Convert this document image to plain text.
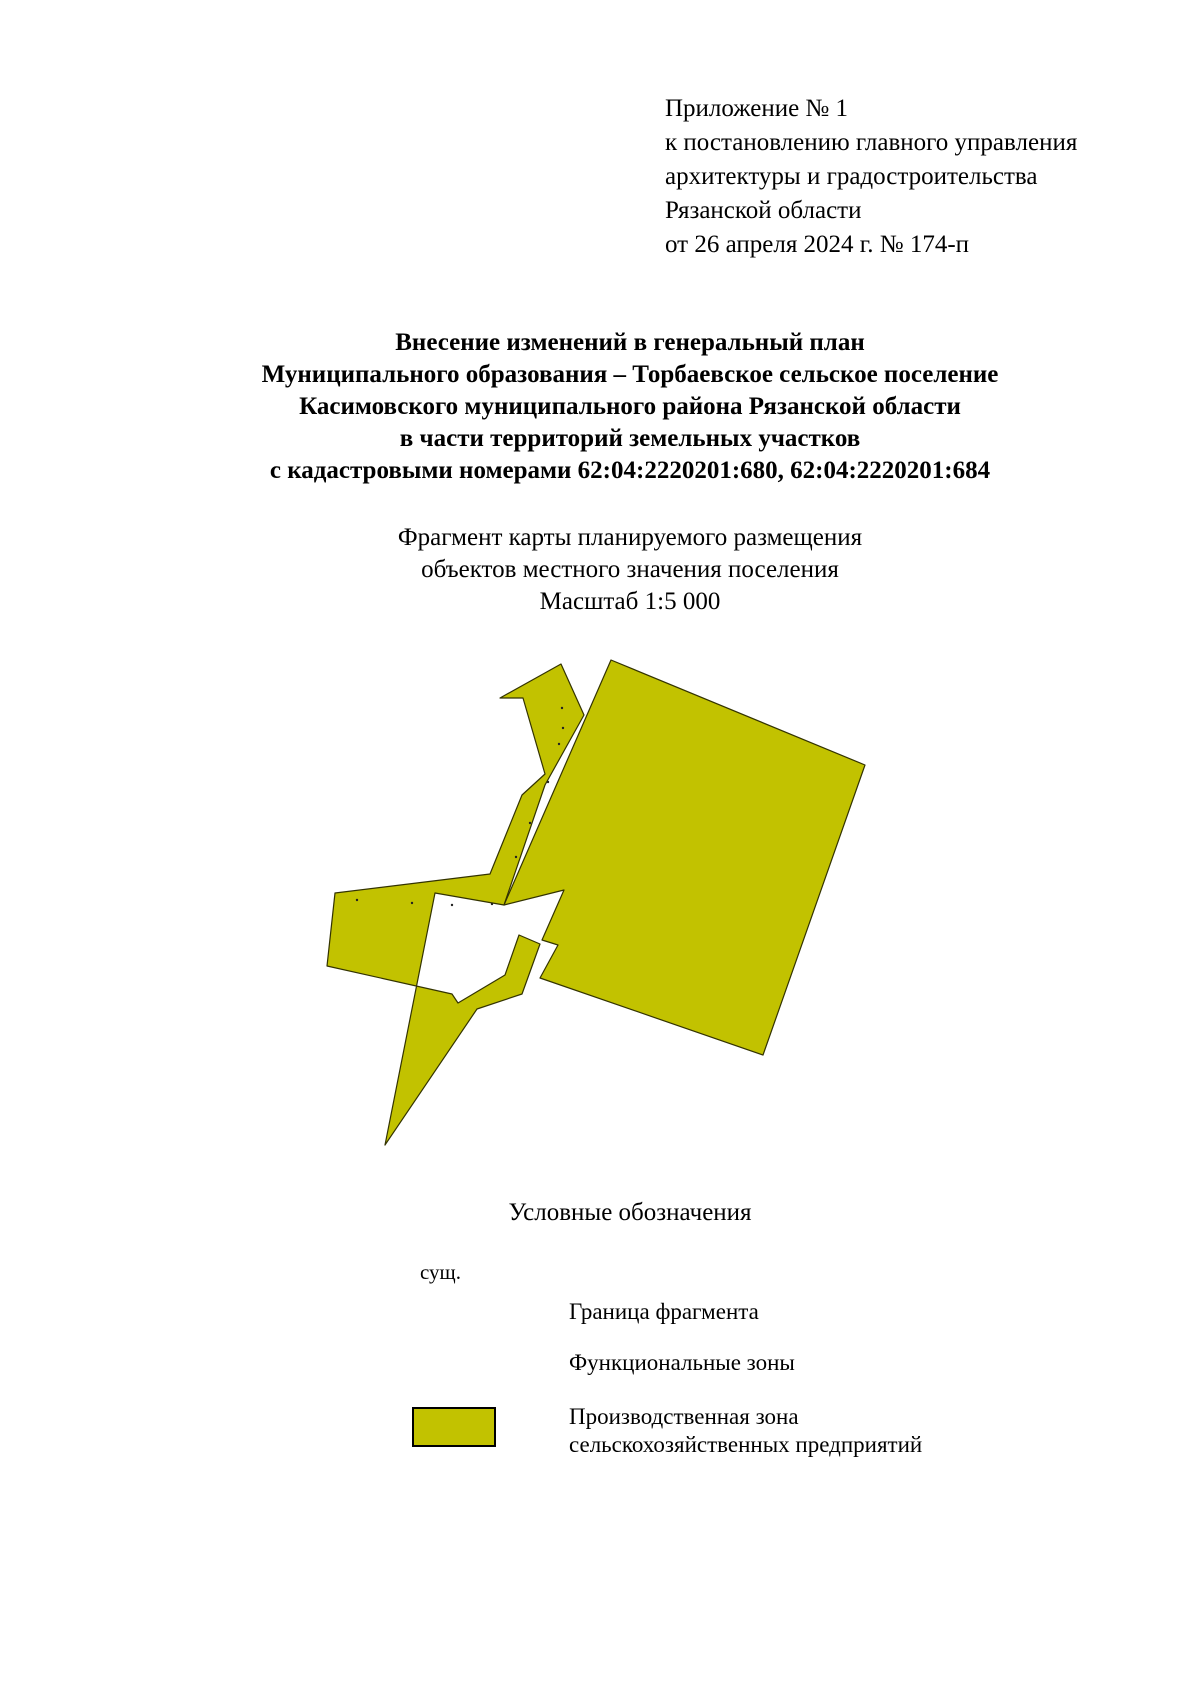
Приложение № 1
к постановлению главного управления
архитектуры и градостроительства
Рязанской области
от 26 апреля 2024 г. № 174-п
Внесение изменений в генеральный план
Муниципального образования – Торбаевское сельское поселение
Касимовского муниципального района Рязанской области
в части территорий земельных участков
с кадастровыми номерами 62:04:2220201:680, 62:04:2220201:684
Фрагмент карты планируемого размещения
объектов местного значения поселения
Масштаб 1:5 000
Условные обозначения
сущ.
Граница фрагмента
Функциональные зоны
Производственная зона
сельскохозяйственных предприятий
